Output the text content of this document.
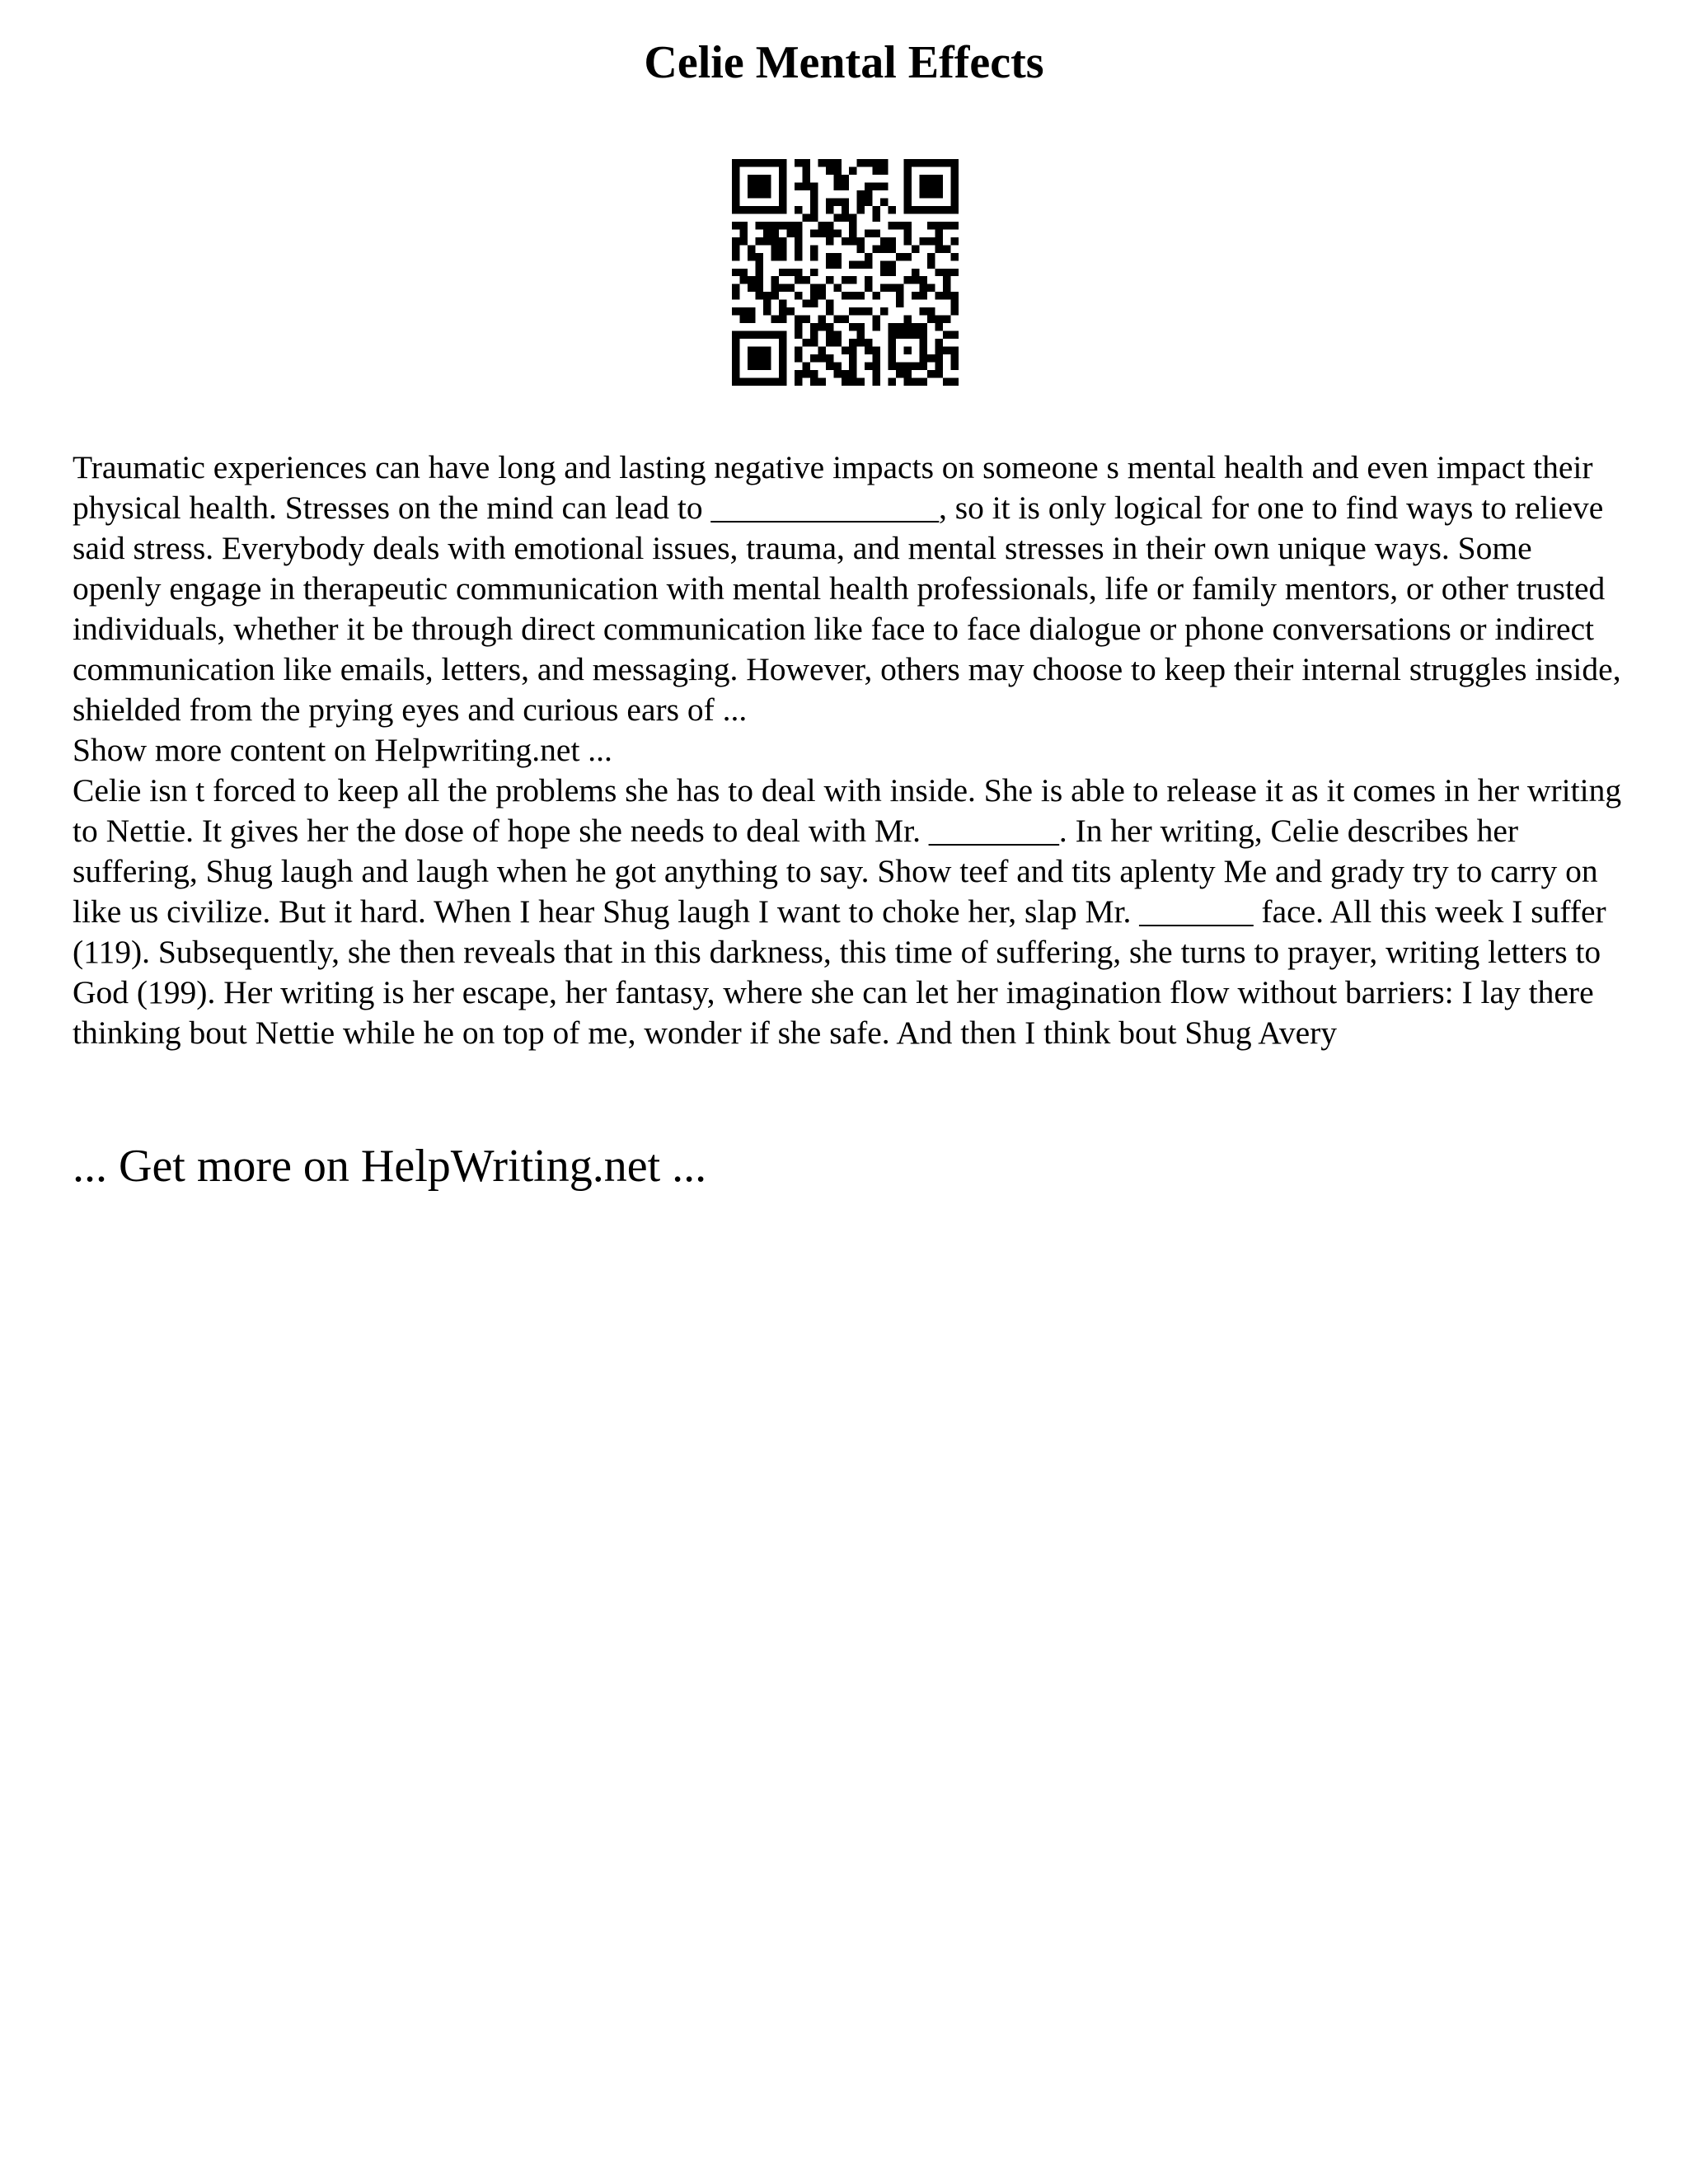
Celie Mental Effects

Traumatic experiences can have long and lasting negative impacts on someone s mental health and even impact their physical health. Stresses on the mind can lead to ______________, so it is only logical for one to find ways to relieve said stress. Everybody deals with emotional issues, trauma, and mental stresses in their own unique ways. Some openly engage in therapeutic communication with mental health professionals, life or family mentors, or other trusted individuals, whether it be through direct communication like face to face dialogue or phone conversations or indirect communication like emails, letters, and messaging. However, others may choose to keep their internal struggles inside, shielded from the prying eyes and curious ears of ...

Show more content on Helpwriting.net ...

Celie isn t forced to keep all the problems she has to deal with inside. She is able to release it as it comes in her writing to Nettie. It gives her the dose of hope she needs to deal with Mr. ________. In her writing, Celie describes her suffering, Shug laugh and laugh when he got anything to say. Show teef and tits aplenty Me and grady try to carry on like us civilize. But it hard. When I hear Shug laugh I want to choke her, slap Mr. _______ face. All this week I suffer (119). Subsequently, she then reveals that in this darkness, this time of suffering, she turns to prayer, writing letters to God (199). Her writing is her escape, her fantasy, where she can let her imagination flow without barriers: I lay there thinking bout Nettie while he on top of me, wonder if she safe. And then I think bout Shug Avery

... Get more on HelpWriting.net ...
